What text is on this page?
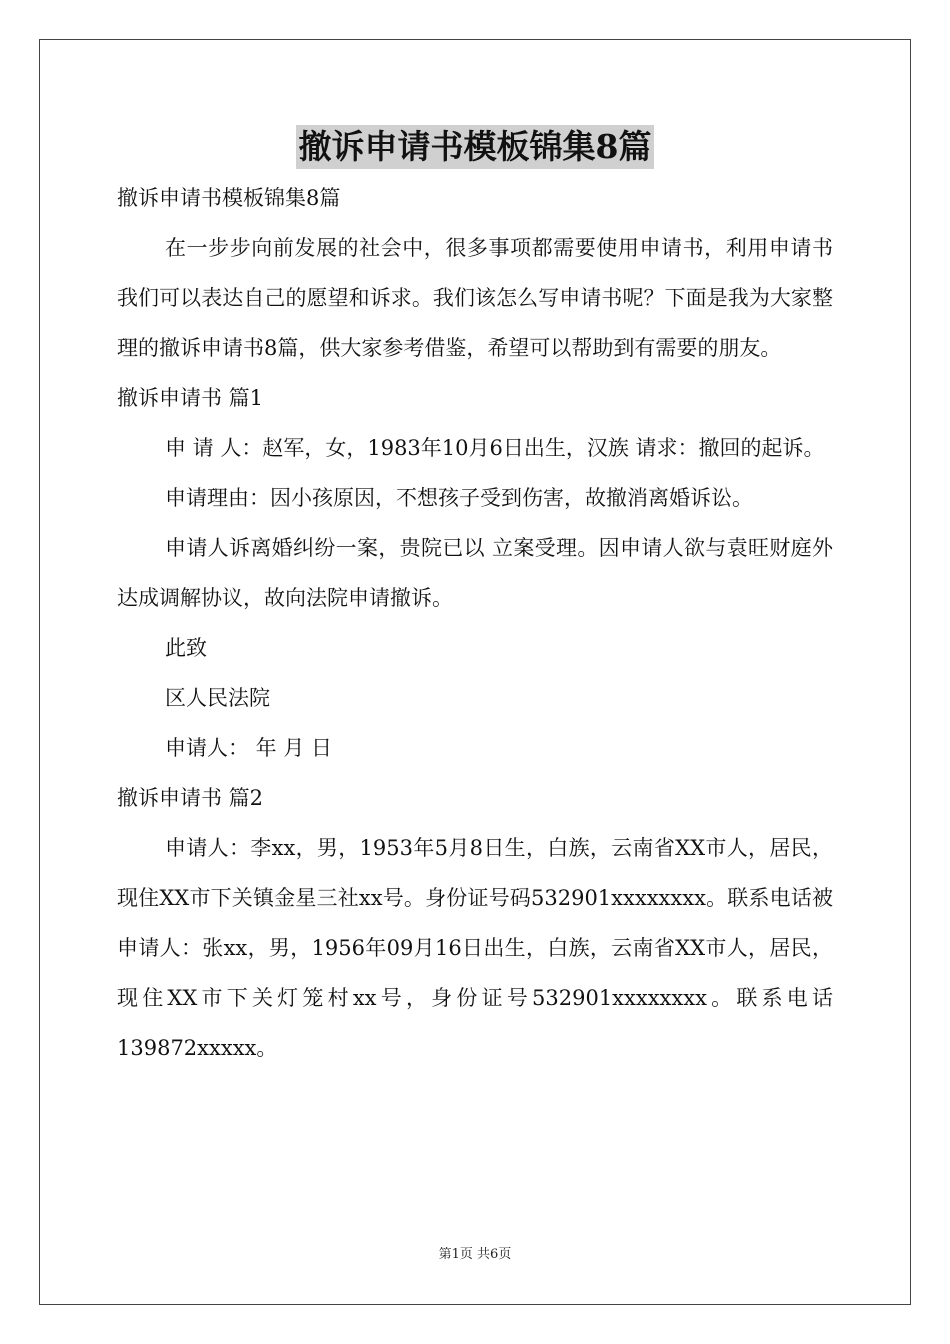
撤诉申请书模板锦集8篇

撤诉申请书模板锦集8篇

在一步步向前发展的社会中，很多事项都需要使用申请书，利用申请书我们可以表达自己的愿望和诉求。我们该怎么写申请书呢？下面是我为大家整理的撤诉申请书8篇，供大家参考借鉴，希望可以帮助到有需要的朋友。

撤诉申请书 篇1

申 请 人：赵军，女，1983年10月6日出生，汉族 请求：撤回的起诉。

申请理由：因小孩原因，不想孩子受到伤害，故撤消离婚诉讼。

申请人诉离婚纠纷一案，贵院已以 立案受理。因申请人欲与袁旺财庭外达成调解协议，故向法院申请撤诉。

此致

区人民法院

申请人： 年 月 日

撤诉申请书 篇2

申请人：李xx，男，1953年5月8日生，白族，云南省XX市人，居民，现住XX市下关镇金星三社xx号。身份证号码532901xxxxxxxx。联系电话被申请人：张xx，男，1956年09月16日出生，白族，云南省XX市人，居民，现住XX市下关灯笼村xx号，身份证号532901xxxxxxxx。联系电话139872xxxxx。

第1页 共6页
